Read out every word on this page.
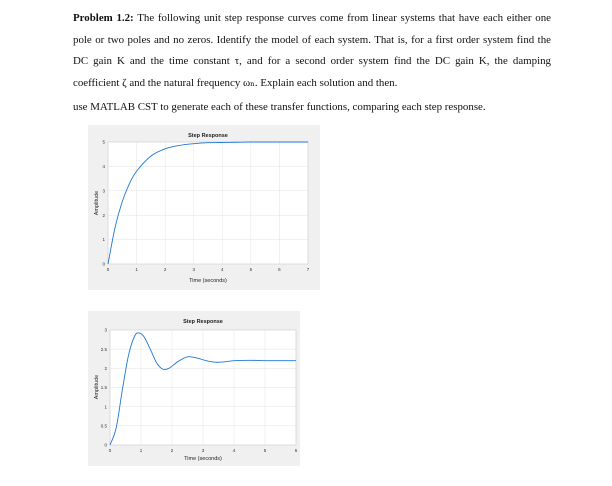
Problem 1.2: The following unit step response curves come from linear systems that have each either one pole or two poles and no zeros. Identify the model of each system. That is, for a first order system find the DC gain K and the time constant τ, and for a second order system find the DC gain K, the damping coefficient ζ and the natural frequency ωₙ. Explain each solution and then.
use MATLAB CST to generate each of these transfer functions, comparing each step response.
0	1	2	3	4	5	6	7
0
1
2
3
4
5
Step Response
Time (seconds)
Amplitude
0	1	2	3	4	5	6
0
0.5
1
1.5
2
2.5
3
Step Response
Time (seconds)
Amplitude
